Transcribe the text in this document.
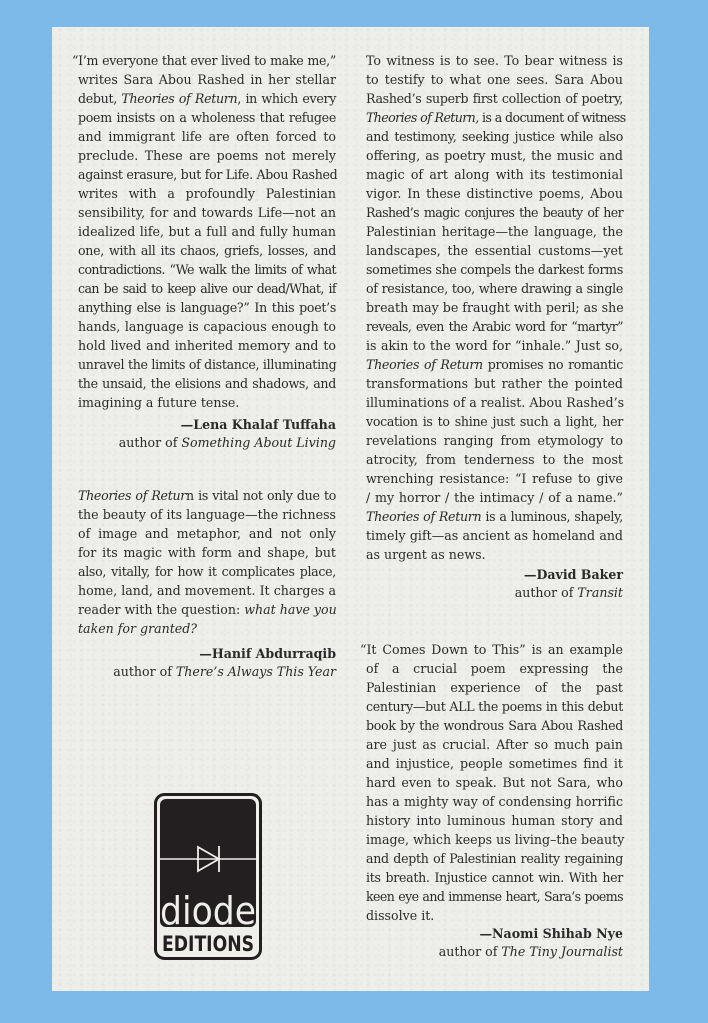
“I’m everyone that ever lived to make me,”
writes Sara Abou Rashed in her stellar
debut, Theories of Return, in which every
poem insists on a wholeness that refugee
and immigrant life are often forced to
preclude. These are poems not merely
against erasure, but for Life. Abou Rashed
writes with a profoundly Palestinian
sensibility, for and towards Life—not an
idealized life, but a full and fully human
one, with all its chaos, griefs, losses, and
contradictions. “We walk the limits of what
can be said to keep alive our dead/What, if
anything else is language?” In this poet’s
hands, language is capacious enough to
hold lived and inherited memory and to
unravel the limits of distance, illuminating
the unsaid, the elisions and shadows, and
imagining a future tense.
—Lena Khalaf Tuffaha
author of Something About Living
Theories of Return is vital not only due to
the beauty of its language—the richness
of image and metaphor, and not only
for its magic with form and shape, but
also, vitally, for how it complicates place,
home, land, and movement. It charges a
reader with the question: what have you
taken for granted?
—Hanif Abdurraqib
author of There’s Always This Year
To witness is to see. To bear witness is
to testify to what one sees. Sara Abou
Rashed’s superb first collection of poetry,
Theories of Return, is a document of witness
and testimony, seeking justice while also
offering, as poetry must, the music and
magic of art along with its testimonial
vigor. In these distinctive poems, Abou
Rashed’s magic conjures the beauty of her
Palestinian heritage—the language, the
landscapes, the essential customs—yet
sometimes she compels the darkest forms
of resistance, too, where drawing a single
breath may be fraught with peril; as she
reveals, even the Arabic word for “martyr”
is akin to the word for “inhale.” Just so,
Theories of Return promises no romantic
transformations but rather the pointed
illuminations of a realist. Abou Rashed’s
vocation is to shine just such a light, her
revelations ranging from etymology to
atrocity, from tenderness to the most
wrenching resistance: “I refuse to give
/ my horror / the intimacy / of a name.”
Theories of Return is a luminous, shapely,
timely gift—as ancient as homeland and
as urgent as news.
—David Baker
author of Transit
“It Comes Down to This” is an example
of a crucial poem expressing the
Palestinian experience of the past
century—but ALL the poems in this debut
book by the wondrous Sara Abou Rashed
are just as crucial. After so much pain
and injustice, people sometimes find it
hard even to speak. But not Sara, who
has a mighty way of condensing horrific
history into luminous human story and
image, which keeps us living–the beauty
and depth of Palestinian reality regaining
its breath. Injustice cannot win. With her
keen eye and immense heart, Sara’s poems
dissolve it.
—Naomi Shihab Nye
author of The Tiny Journalist
diode
EDITIONS
